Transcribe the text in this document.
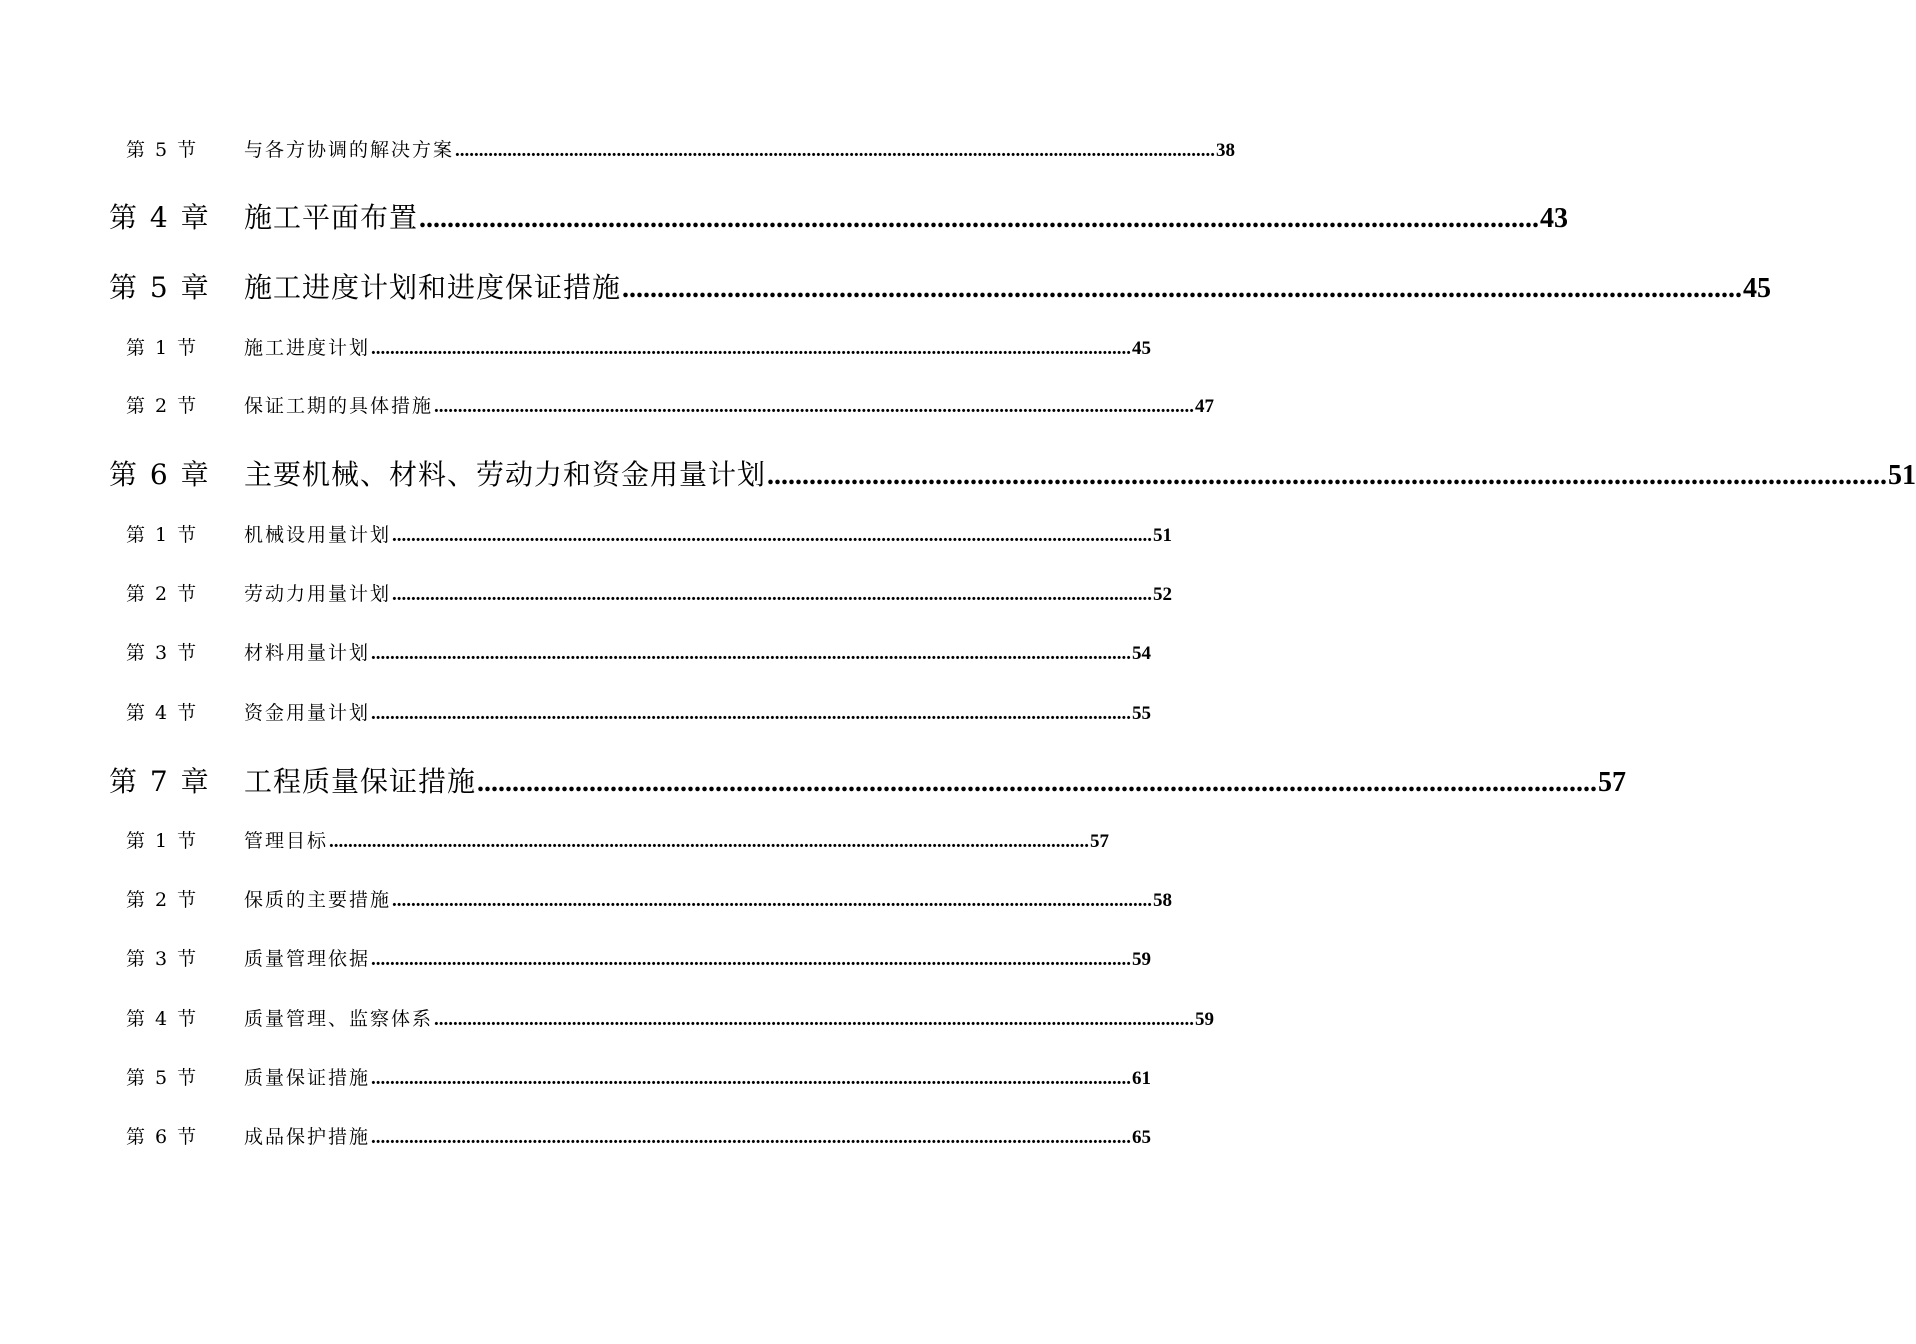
第 5 节 与各方协调的解决方案 ................................................................................................................................................................ 38
第 4 章 施工平面布置 ................................................................................................................................................................ 43
第 5 章 施工进度计划和进度保证措施 ................................................................................................................................................................ 45
第 1 节 施工进度计划 ................................................................................................................................................................ 45
第 2 节 保证工期的具体措施 ................................................................................................................................................................ 47
第 6 章 主要机械、材料、劳动力和资金用量计划 ................................................................................................................................................................ 51
第 1 节 机械设用量计划 ................................................................................................................................................................ 51
第 2 节 劳动力用量计划 ................................................................................................................................................................ 52
第 3 节 材料用量计划 ................................................................................................................................................................ 54
第 4 节 资金用量计划 ................................................................................................................................................................ 55
第 7 章 工程质量保证措施 ................................................................................................................................................................ 57
第 1 节 管理目标 ................................................................................................................................................................ 57
第 2 节 保质的主要措施 ................................................................................................................................................................ 58
第 3 节 质量管理依据 ................................................................................................................................................................ 59
第 4 节 质量管理、监察体系 ................................................................................................................................................................ 59
第 5 节 质量保证措施 ................................................................................................................................................................ 61
第 6 节 成品保护措施 ................................................................................................................................................................ 65
